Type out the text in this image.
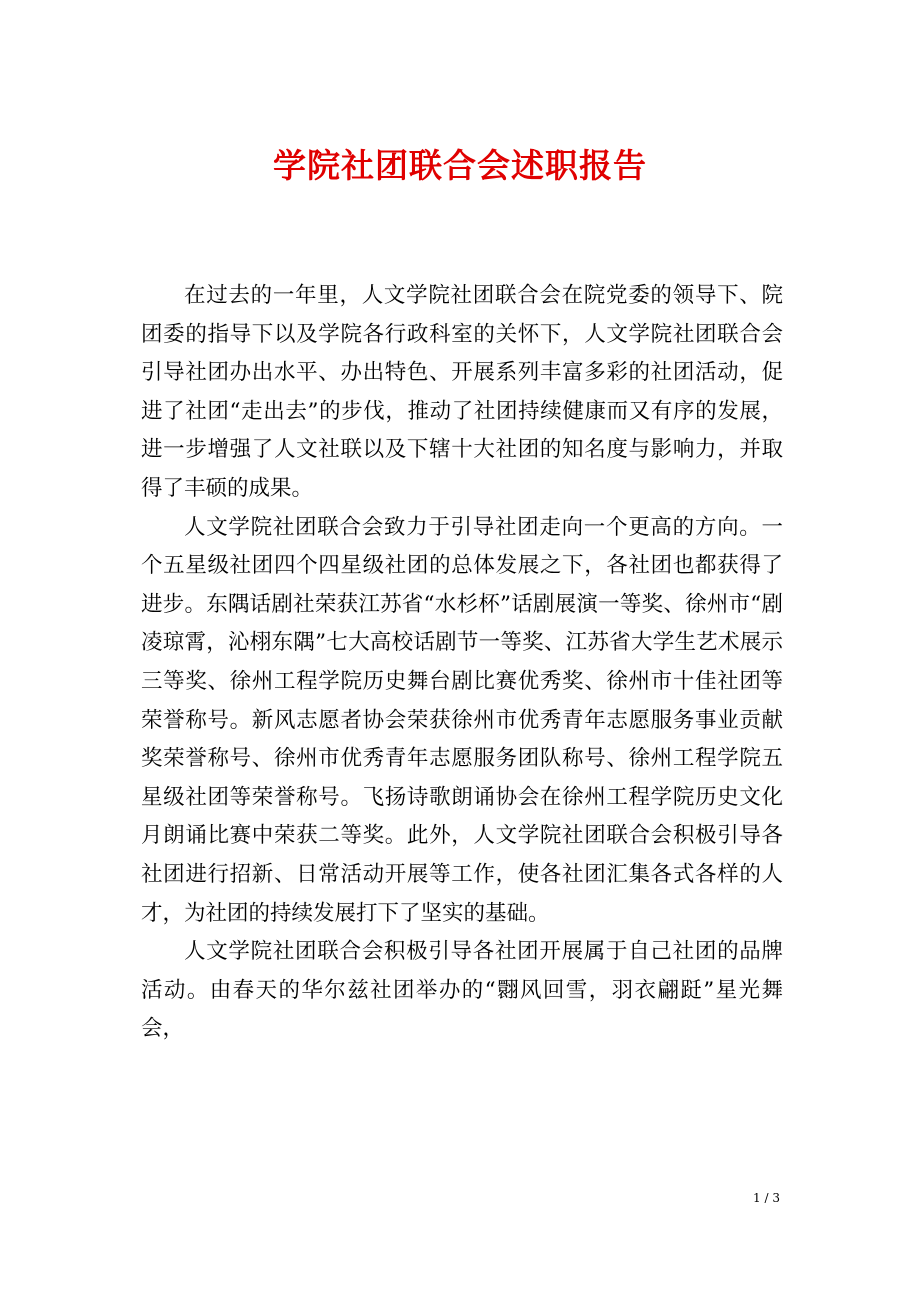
学院社团联合会述职报告

在过去的一年里，人文学院社团联合会在院党委的领导下、院团委的指导下以及学院各行政科室的关怀下，人文学院社团联合会引导社团办出水平、办出特色、开展系列丰富多彩的社团活动，促进了社团“走出去”的步伐，推动了社团持续健康而又有序的发展，进一步增强了人文社联以及下辖十大社团的知名度与影响力，并取得了丰硕的成果。

人文学院社团联合会致力于引导社团走向一个更高的方向。一个五星级社团四个四星级社团的总体发展之下，各社团也都获得了进步。东隅话剧社荣获江苏省“水杉杯”话剧展演一等奖、徐州市“剧凌琼霄，沁栩东隅”七大高校话剧节一等奖、江苏省大学生艺术展示三等奖、徐州工程学院历史舞台剧比赛优秀奖、徐州市十佳社团等荣誉称号。新风志愿者协会荣获徐州市优秀青年志愿服务事业贡献奖荣誉称号、徐州市优秀青年志愿服务团队称号、徐州工程学院五星级社团等荣誉称号。飞扬诗歌朗诵协会在徐州工程学院历史文化月朗诵比赛中荣获二等奖。此外，人文学院社团联合会积极引导各社团进行招新、日常活动开展等工作，使各社团汇集各式各样的人才，为社团的持续发展打下了坚实的基础。

人文学院社团联合会积极引导各社团开展属于自己社团的品牌活动。由春天的华尔兹社团举办的“翾风回雪，羽衣翩跹”星光舞会，

1 / 3
